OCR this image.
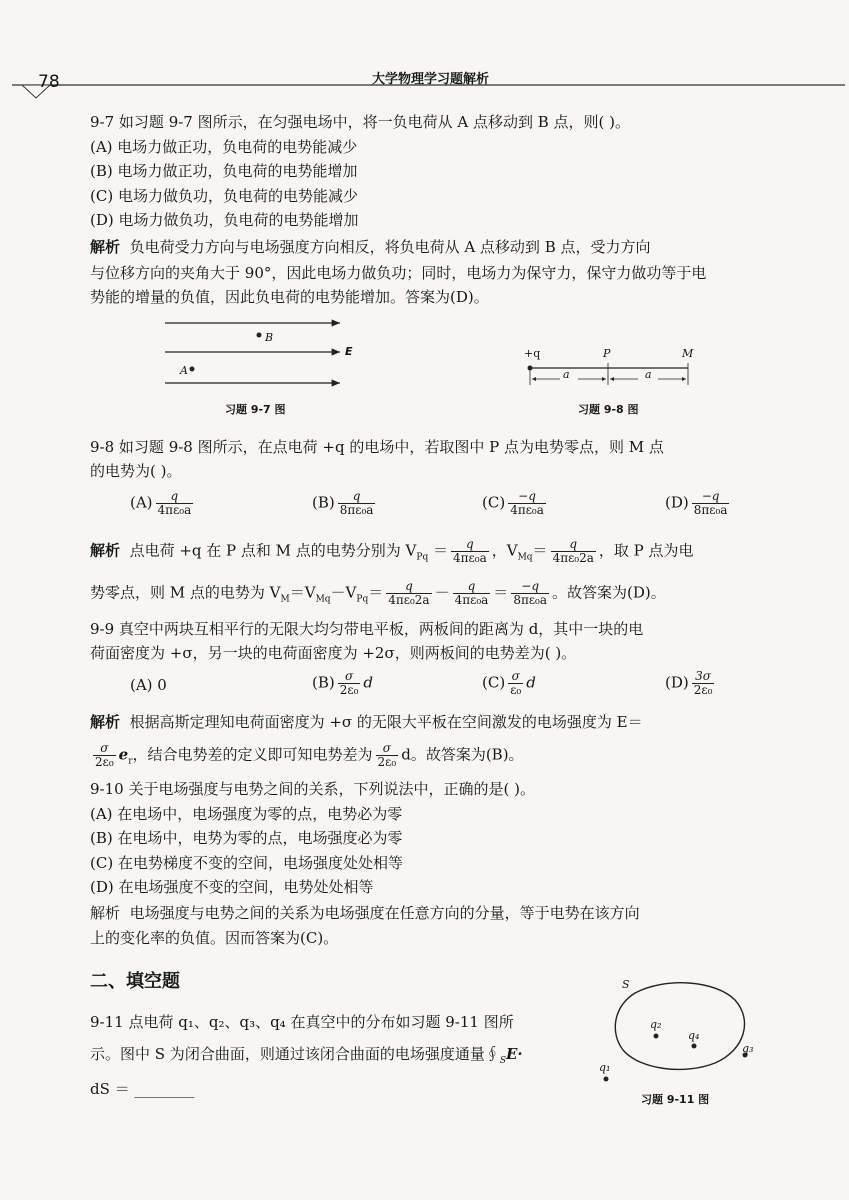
78	大学物理学习题解析
9-7 如习题 9-7 图所示，在匀强电场中，将一负电荷从 A 点移动到 B 点，则( )。
(A) 电场力做正功，负电荷的电势能减少
(B) 电场力做正功，负电荷的电势能增加
(C) 电场力做负功，负电荷的电势能减少
(D) 电场力做负功，负电荷的电势能增加
解析 负电荷受力方向与电场强度方向相反，将负电荷从 A 点移动到 B 点，受力方向
与位移方向的夹角大于 90°，因此电场力做负功；同时，电场力为保守力，保守力做功等于电
势能的增量的负值，因此负电荷的电势能增加。答案为(D)。
B
A
E
习题 9-7 图
+q	P	M
a	a
习题 9-8 图
9-8 如习题 9-8 图所示，在点电荷 +q 的电场中，若取图中 P 点为电势零点，则 M 点
的电势为( )。
$(A) \frac{q}{\text{4πε₀a}}$	$(B) \frac{q}{\text{8πε₀a}}$	$(C) \frac{-q}{\text{4πε₀a}}$	$(D) \frac{-q}{\text{8πε₀a}}$
解析 点电荷 +q 在 P 点和 M 点的电势分别为 $V_{Pq} = \frac{q}{\text{4πε₀a}}$ ，$V_{Mq}= \frac{q}{\text{4πε₀2a}}$ ，取 P 点为电
势零点，则 M 点的电势为 $V_M=V_{Mq}-V_{Pq}= \frac{q}{\text{4πε₀2a}} - \frac{q}{\text{4πε₀a}} = \frac{-q}{\text{8πε₀a}}$ 。故答案为(D)。
9-9 真空中两块互相平行的无限大均匀带电平板，两板间的距离为 d，其中一块的电
荷面密度为 +σ，另一块的电荷面密度为 +2σ，则两板间的电势差为( )。
(A) 0	$(B) \frac{\sigma}{\text{2ε₀}}$ d	$(C) \frac{\sigma}{\text{ε₀}}$ d	$(D) \frac{3\sigma}{\text{2ε₀}}$
解析 根据高斯定理知电荷面密度为 +σ 的无限大平板在空间激发的电场强度为 E＝
$\frac{\sigma}{\text{2ε₀}} e_r$，结合电势差的定义即可知电势差为 $\frac{\sigma}{\text{2ε₀}}$ d。故答案为(B)。
9-10 关于电场强度与电势之间的关系，下列说法中，正确的是( )。
(A) 在电场中，电场强度为零的点，电势必为零
(B) 在电场中，电势为零的点，电场强度必为零
(C) 在电势梯度不变的空间，电场强度处处相等
(D) 在电场强度不变的空间，电势处处相等
解析 电场强度与电势之间的关系为电场强度在任意方向的分量，等于电势在该方向
上的变化率的负值。因而答案为(C)。
二、填空题
9-11 点电荷 q₁、q₂、q₃、q₄ 在真空中的分布如习题 9-11 图所
示。图中 S 为闭合曲面，则通过该闭合曲面的电场强度通量$∮_SE\cdot$
dS ＝ ________
S
q₂
q₄
q₃
q₁
习题 9-11 图
